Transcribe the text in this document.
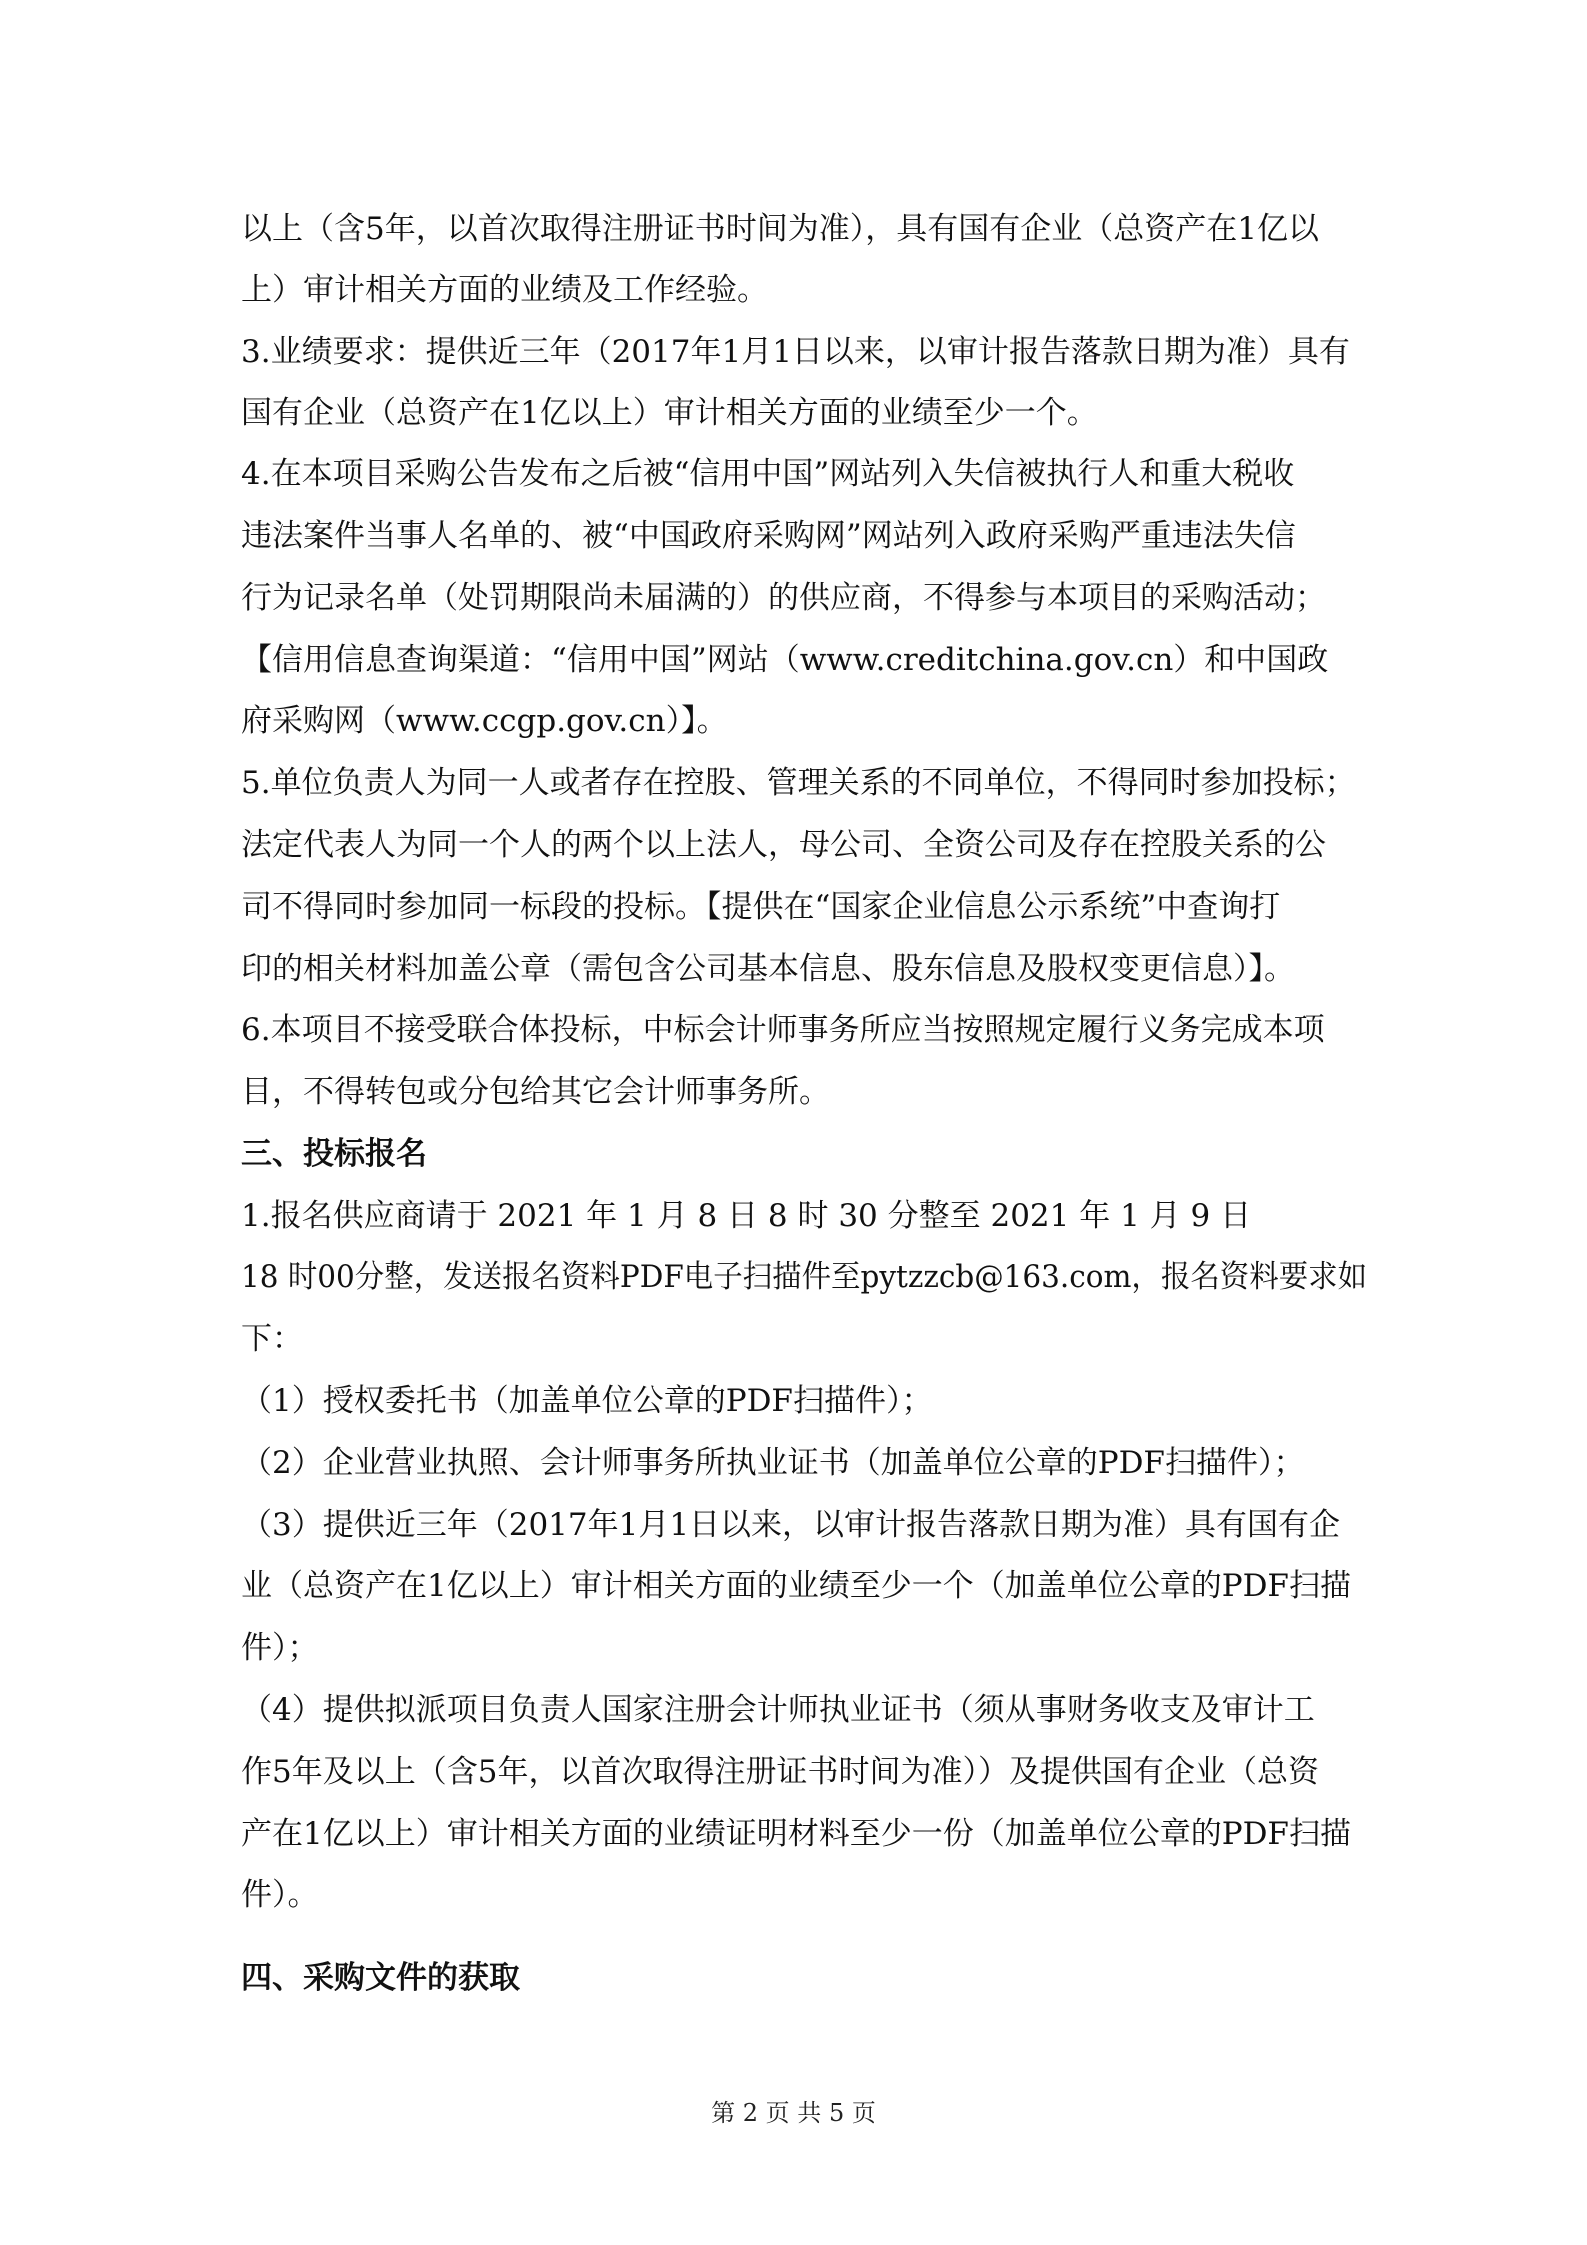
以上（含5年，以首次取得注册证书时间为准），具有国有企业（总资产在1亿以
上）审计相关方面的业绩及工作经验。
3.业绩要求：提供近三年（2017年1月1日以来，以审计报告落款日期为准）具有
国有企业（总资产在1亿以上）审计相关方面的业绩至少一个。
4.在本项目采购公告发布之后被“信用中国”网站列入失信被执行人和重大税收
违法案件当事人名单的、被“中国政府采购网”网站列入政府采购严重违法失信
行为记录名单（处罚期限尚未届满的）的供应商，不得参与本项目的采购活动；
【信用信息查询渠道：“信用中国”网站（www.creditchina.gov.cn）和中国政
府采购网（www.ccgp.gov.cn）】。
5.单位负责人为同一人或者存在控股、管理关系的不同单位，不得同时参加投标；
法定代表人为同一个人的两个以上法人，母公司、全资公司及存在控股关系的公
司不得同时参加同一标段的投标。【提供在“国家企业信息公示系统”中查询打
印的相关材料加盖公章（需包含公司基本信息、股东信息及股权变更信息）】。
6.本项目不接受联合体投标，中标会计师事务所应当按照规定履行义务完成本项
目，不得转包或分包给其它会计师事务所。
三、投标报名
1.报名供应商请于 2021 年 1 月 8 日 8 时 30 分整至 2021 年 1 月 9 日
18 时00分整，发送报名资料PDF电子扫描件至pytzzcb@163.com，报名资料要求如
下：
（1）授权委托书（加盖单位公章的PDF扫描件）；
（2）企业营业执照、会计师事务所执业证书（加盖单位公章的PDF扫描件）；
（3）提供近三年（2017年1月1日以来，以审计报告落款日期为准）具有国有企
业（总资产在1亿以上）审计相关方面的业绩至少一个（加盖单位公章的PDF扫描
件）；
（4）提供拟派项目负责人国家注册会计师执业证书（须从事财务收支及审计工
作5年及以上（含5年，以首次取得注册证书时间为准））及提供国有企业（总资
产在1亿以上）审计相关方面的业绩证明材料至少一份（加盖单位公章的PDF扫描
件）。
四、采购文件的获取
第 2 页 共 5 页
